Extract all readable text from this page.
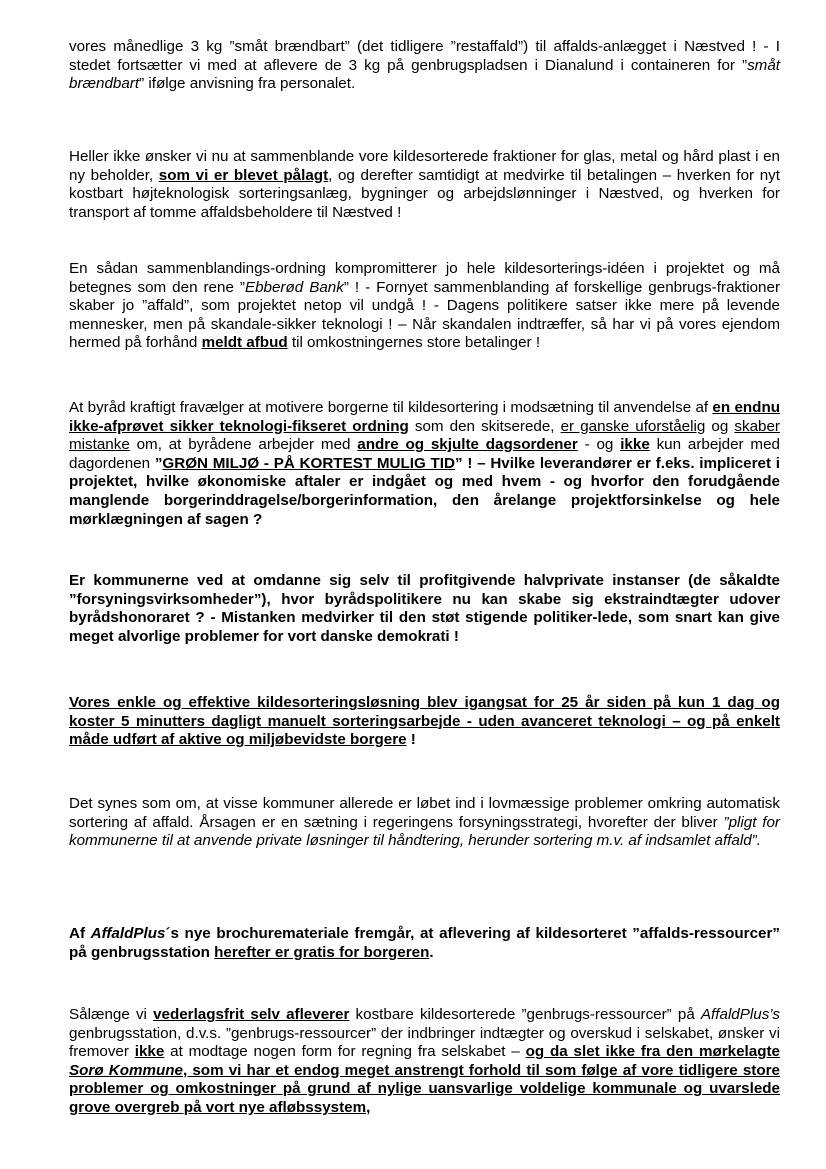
vores månedlige 3 kg ”småt brændbart” (det tidligere ”restaffald”) til affalds-anlægget i Næstved ! - I stedet fortsætter vi med at aflevere de 3 kg på genbrugspladsen i Dianalund i containeren for ”småt brændbart” ifølge anvisning fra personalet.

Heller ikke ønsker vi nu at sammenblande vore kildesorterede fraktioner for glas, metal og hård plast i en ny beholder, som vi er blevet pålagt, og derefter samtidigt at medvirke til betalingen – hverken for nyt kostbart højteknologisk sorteringsanlæg, bygninger og arbejdslønninger i Næstved, og hverken for transport af tomme affaldsbeholdere til Næstved !

En sådan sammenblandings-ordning kompromitterer jo hele kildesorterings-idéen i projektet og må betegnes som den rene ”Ebberød Bank” ! - Fornyet sammenblanding af forskellige genbrugs-fraktioner skaber jo ”affald”, som projektet netop vil undgå ! - Dagens politikere satser ikke mere på levende mennesker, men på skandale-sikker teknologi ! – Når skandalen indtræffer, så har vi på vores ejendom hermed på forhånd meldt afbud til omkostningernes store betalinger !

At byråd kraftigt fravælger at motivere borgerne til kildesortering i modsætning til anvendelse af en endnu ikke-afprøvet sikker teknologi-fikseret ordning som den skitserede, er ganske uforståelig og skaber mistanke om, at byrådene arbejder med andre og skjulte dagsordener - og ikke kun arbejder med dagordenen ”GRØN MILJØ - PÅ KORTEST MULIG TID” ! – Hvilke leverandører er f.eks. impliceret i projektet, hvilke økonomiske aftaler er indgået og med hvem - og hvorfor den forudgående manglende borgerinddragelse/borgerinformation, den årelange projektforsinkelse og hele mørklægningen af sagen ?

Er kommunerne ved at omdanne sig selv til profitgivende halvprivate instanser (de såkaldte ”forsyningsvirksomheder”), hvor byrådspolitikere nu kan skabe sig ekstraindtægter udover byrådshonoraret ? - Mistanken medvirker til den støt stigende politiker-lede, som snart kan give meget alvorlige problemer for vort danske demokrati !

Vores enkle og effektive kildesorteringsløsning blev igangsat for 25 år siden på kun 1 dag og koster 5 minutters dagligt manuelt sorteringsarbejde - uden avanceret teknologi – og på enkelt måde udført af aktive og miljøbevidste borgere !

Det synes som om, at visse kommuner allerede er løbet ind i lovmæssige problemer omkring automatisk sortering af affald. Årsagen er en sætning i regeringens forsyningsstrategi, hvorefter der bliver ”pligt for kommunerne til at anvende private løsninger til håndtering, herunder sortering m.v. af indsamlet affald”.

Af AffaldPlus´s nye brochuremateriale fremgår, at aflevering af kildesorteret ”affalds-ressourcer” på genbrugsstation herefter er gratis for borgeren.

Sålænge vi vederlagsfrit selv afleverer kostbare kildesorterede ”genbrugs-ressourcer” på AffaldPlus’s genbrugsstation, d.v.s. ”genbrugs-ressourcer” der indbringer indtægter og overskud i selskabet, ønsker vi fremover ikke at modtage nogen form for regning fra selskabet – og da slet ikke fra den mørkelagte Sorø Kommune, som vi har et endog meget anstrengt forhold til som følge af vore tidligere store problemer og omkostninger på grund af nylige uansvarlige voldelige kommunale og uvarslede grove overgreb på vort nye afløbssystem,
